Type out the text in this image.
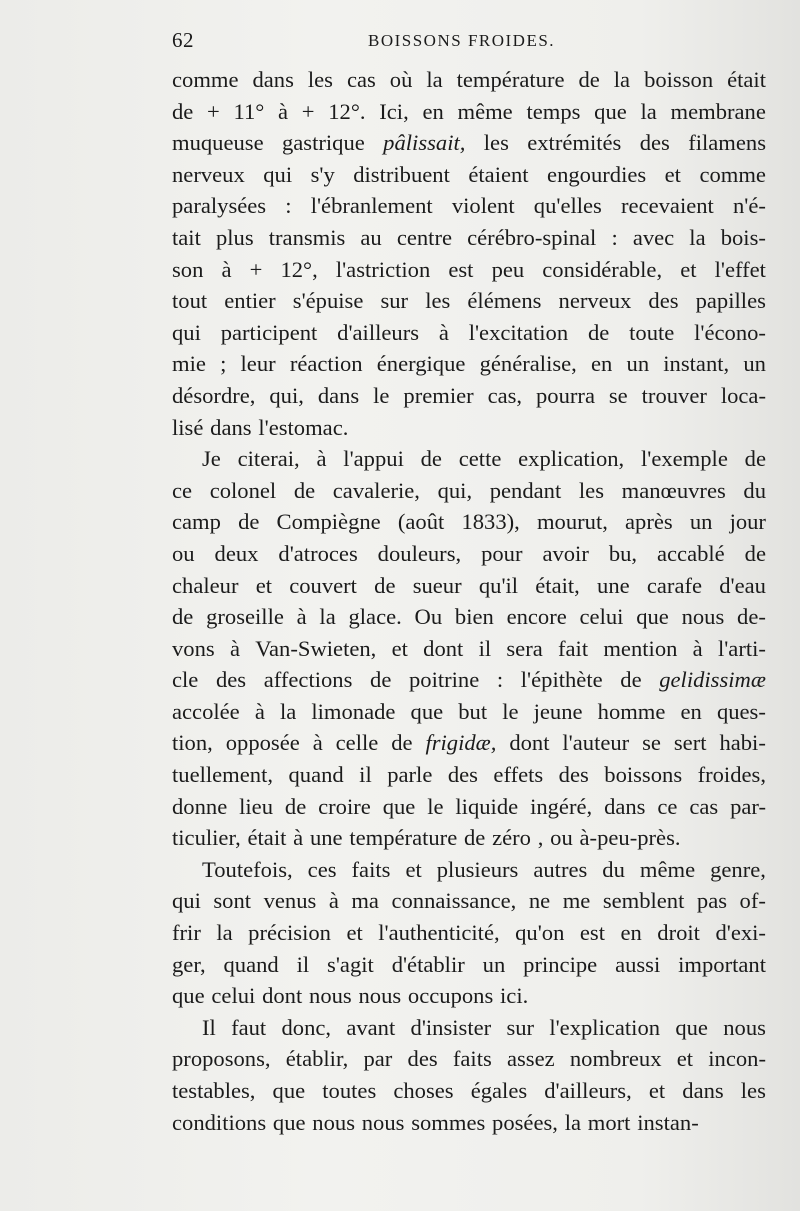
62	BOISSONS FROIDES.
comme dans les cas où la température de la boisson était
de + 11° à + 12°. Ici, en même temps que la membrane
muqueuse gastrique pâlissait, les extrémités des filamens
nerveux qui s'y distribuent étaient engourdies et comme
paralysées : l'ébranlement violent qu'elles recevaient n'é-
tait plus transmis au centre cérébro-spinal : avec la bois-
son à + 12°, l'astriction est peu considérable, et l'effet
tout entier s'épuise sur les élémens nerveux des papilles
qui participent d'ailleurs à l'excitation de toute l'écono-
mie ; leur réaction énergique généralise, en un instant, un
désordre, qui, dans le premier cas, pourra se trouver loca-
lisé dans l'estomac.
Je citerai, à l'appui de cette explication, l'exemple de
ce colonel de cavalerie, qui, pendant les manœuvres du
camp de Compiègne (août 1833), mourut, après un jour
ou deux d'atroces douleurs, pour avoir bu, accablé de
chaleur et couvert de sueur qu'il était, une carafe d'eau
de groseille à la glace. Ou bien encore celui que nous de-
vons à Van-Swieten, et dont il sera fait mention à l'arti-
cle des affections de poitrine : l'épithète de gelidissimæ
accolée à la limonade que but le jeune homme en ques-
tion, opposée à celle de frigidæ, dont l'auteur se sert habi-
tuellement, quand il parle des effets des boissons froides,
donne lieu de croire que le liquide ingéré, dans ce cas par-
ticulier, était à une température de zéro , ou à-peu-près.
Toutefois, ces faits et plusieurs autres du même genre,
qui sont venus à ma connaissance, ne me semblent pas of-
frir la précision et l'authenticité, qu'on est en droit d'exi-
ger, quand il s'agit d'établir un principe aussi important
que celui dont nous nous occupons ici.
Il faut donc, avant d'insister sur l'explication que nous
proposons, établir, par des faits assez nombreux et incon-
testables, que toutes choses égales d'ailleurs, et dans les
conditions que nous nous sommes posées, la mort instan-
